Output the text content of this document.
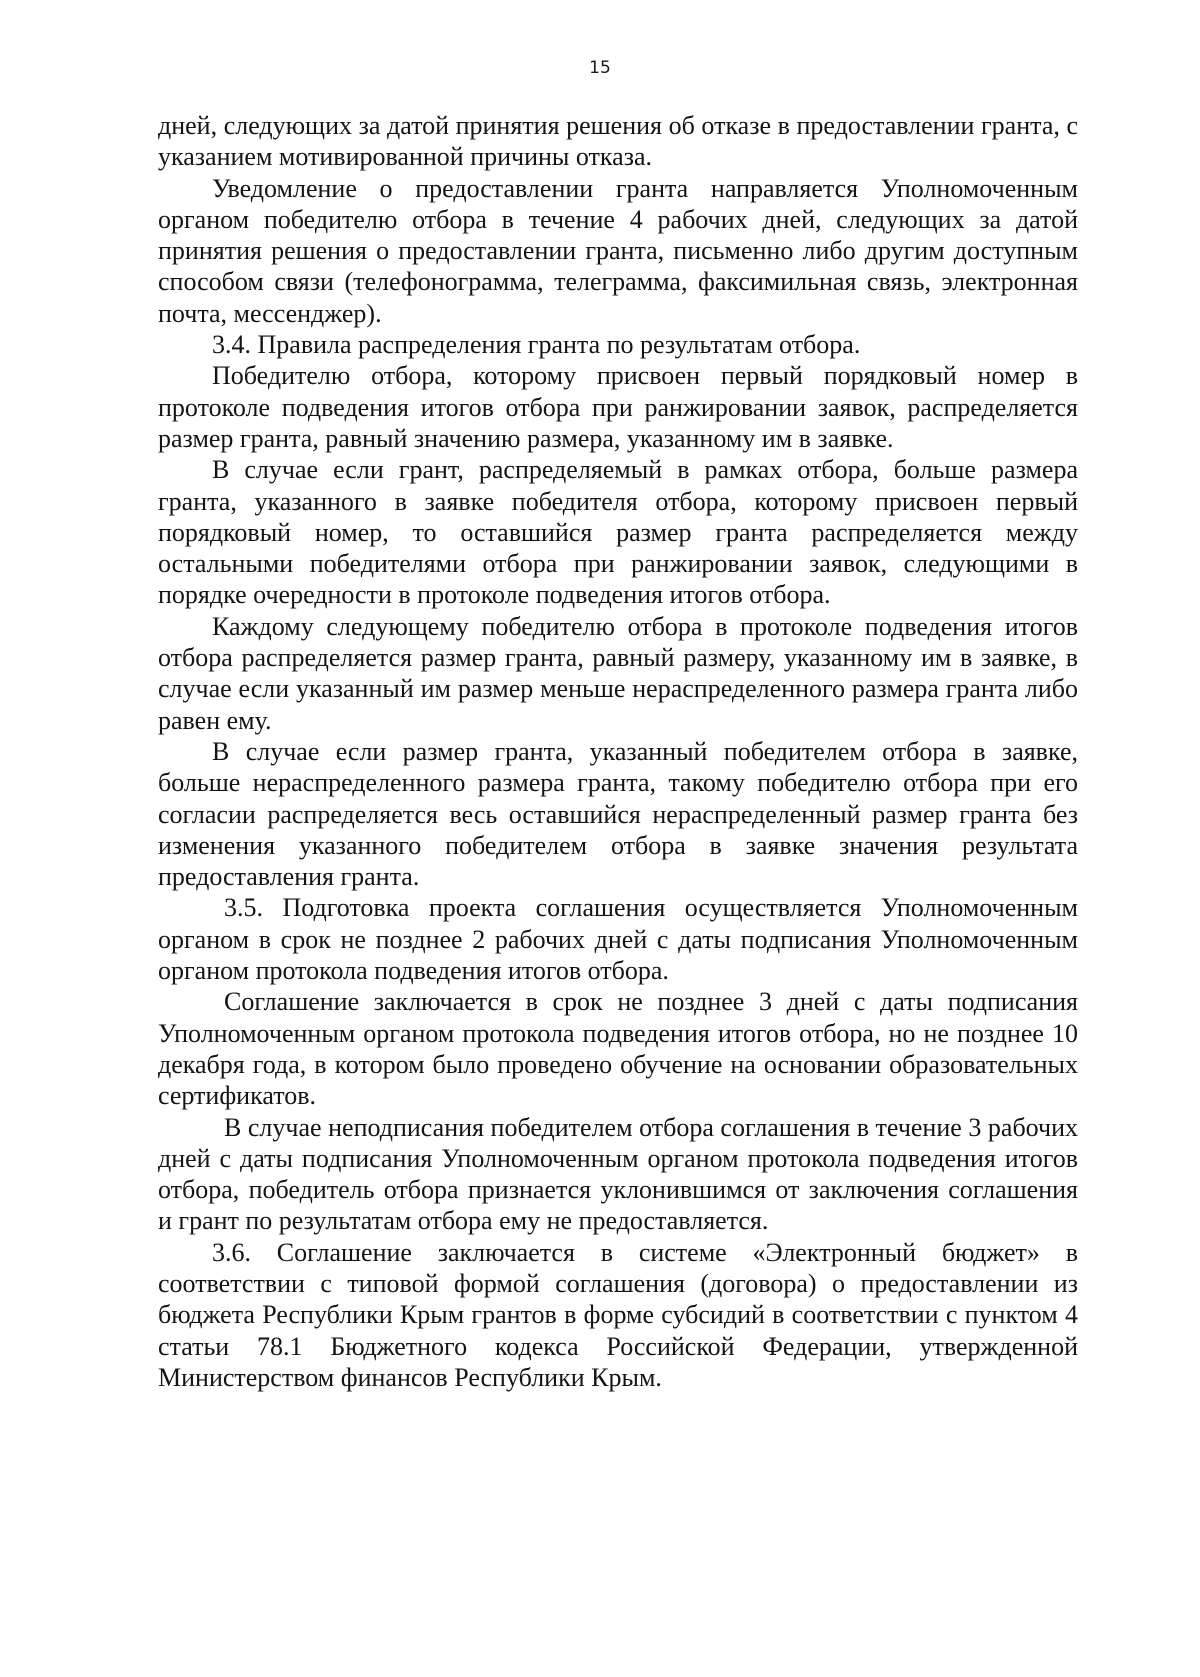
15

дней, следующих за датой принятия решения об отказе в предоставлении гранта, с указанием мотивированной причины отказа.

Уведомление о предоставлении гранта направляется Уполномоченным органом победителю отбора в течение 4 рабочих дней, следующих за датой принятия решения о предоставлении гранта, письменно либо другим доступным способом связи (телефонограмма, телеграмма, факсимильная связь, электронная почта, мессенджер).

3.4. Правила распределения гранта по результатам отбора.

Победителю отбора, которому присвоен первый порядковый номер в протоколе подведения итогов отбора при ранжировании заявок, распределяется размер гранта, равный значению размера, указанному им в заявке.

В случае если грант, распределяемый в рамках отбора, больше размера гранта, указанного в заявке победителя отбора, которому присвоен первый порядковый номер, то оставшийся размер гранта распределяется между остальными победителями отбора при ранжировании заявок, следующими в порядке очередности в протоколе подведения итогов отбора.

Каждому следующему победителю отбора в протоколе подведения итогов отбора распределяется размер гранта, равный размеру, указанному им в заявке, в случае если указанный им размер меньше нераспределенного размера гранта либо равен ему.

В случае если размер гранта, указанный победителем отбора в заявке, больше нераспределенного размера гранта, такому победителю отбора при его согласии распределяется весь оставшийся нераспределенный размер гранта без изменения указанного победителем отбора в заявке значения результата предоставления гранта.

3.5. Подготовка проекта соглашения осуществляется Уполномоченным органом в срок не позднее 2 рабочих дней с даты подписания Уполномоченным органом протокола подведения итогов отбора.

Соглашение заключается в срок не позднее 3 дней с даты подписания Уполномоченным органом протокола подведения итогов отбора, но не позднее 10 декабря года, в котором было проведено обучение на основании образовательных сертификатов.

В случае неподписания победителем отбора соглашения в течение 3 рабочих дней с даты подписания Уполномоченным органом протокола подведения итогов отбора, победитель отбора признается уклонившимся от заключения соглашения и грант по результатам отбора ему не предоставляется.

3.6. Соглашение заключается в системе «Электронный бюджет» в соответствии с типовой формой соглашения (договора) о предоставлении из бюджета Республики Крым грантов в форме субсидий в соответствии с пунктом 4 статьи 78.1 Бюджетного кодекса Российской Федерации, утвержденной Министерством финансов Республики Крым.
